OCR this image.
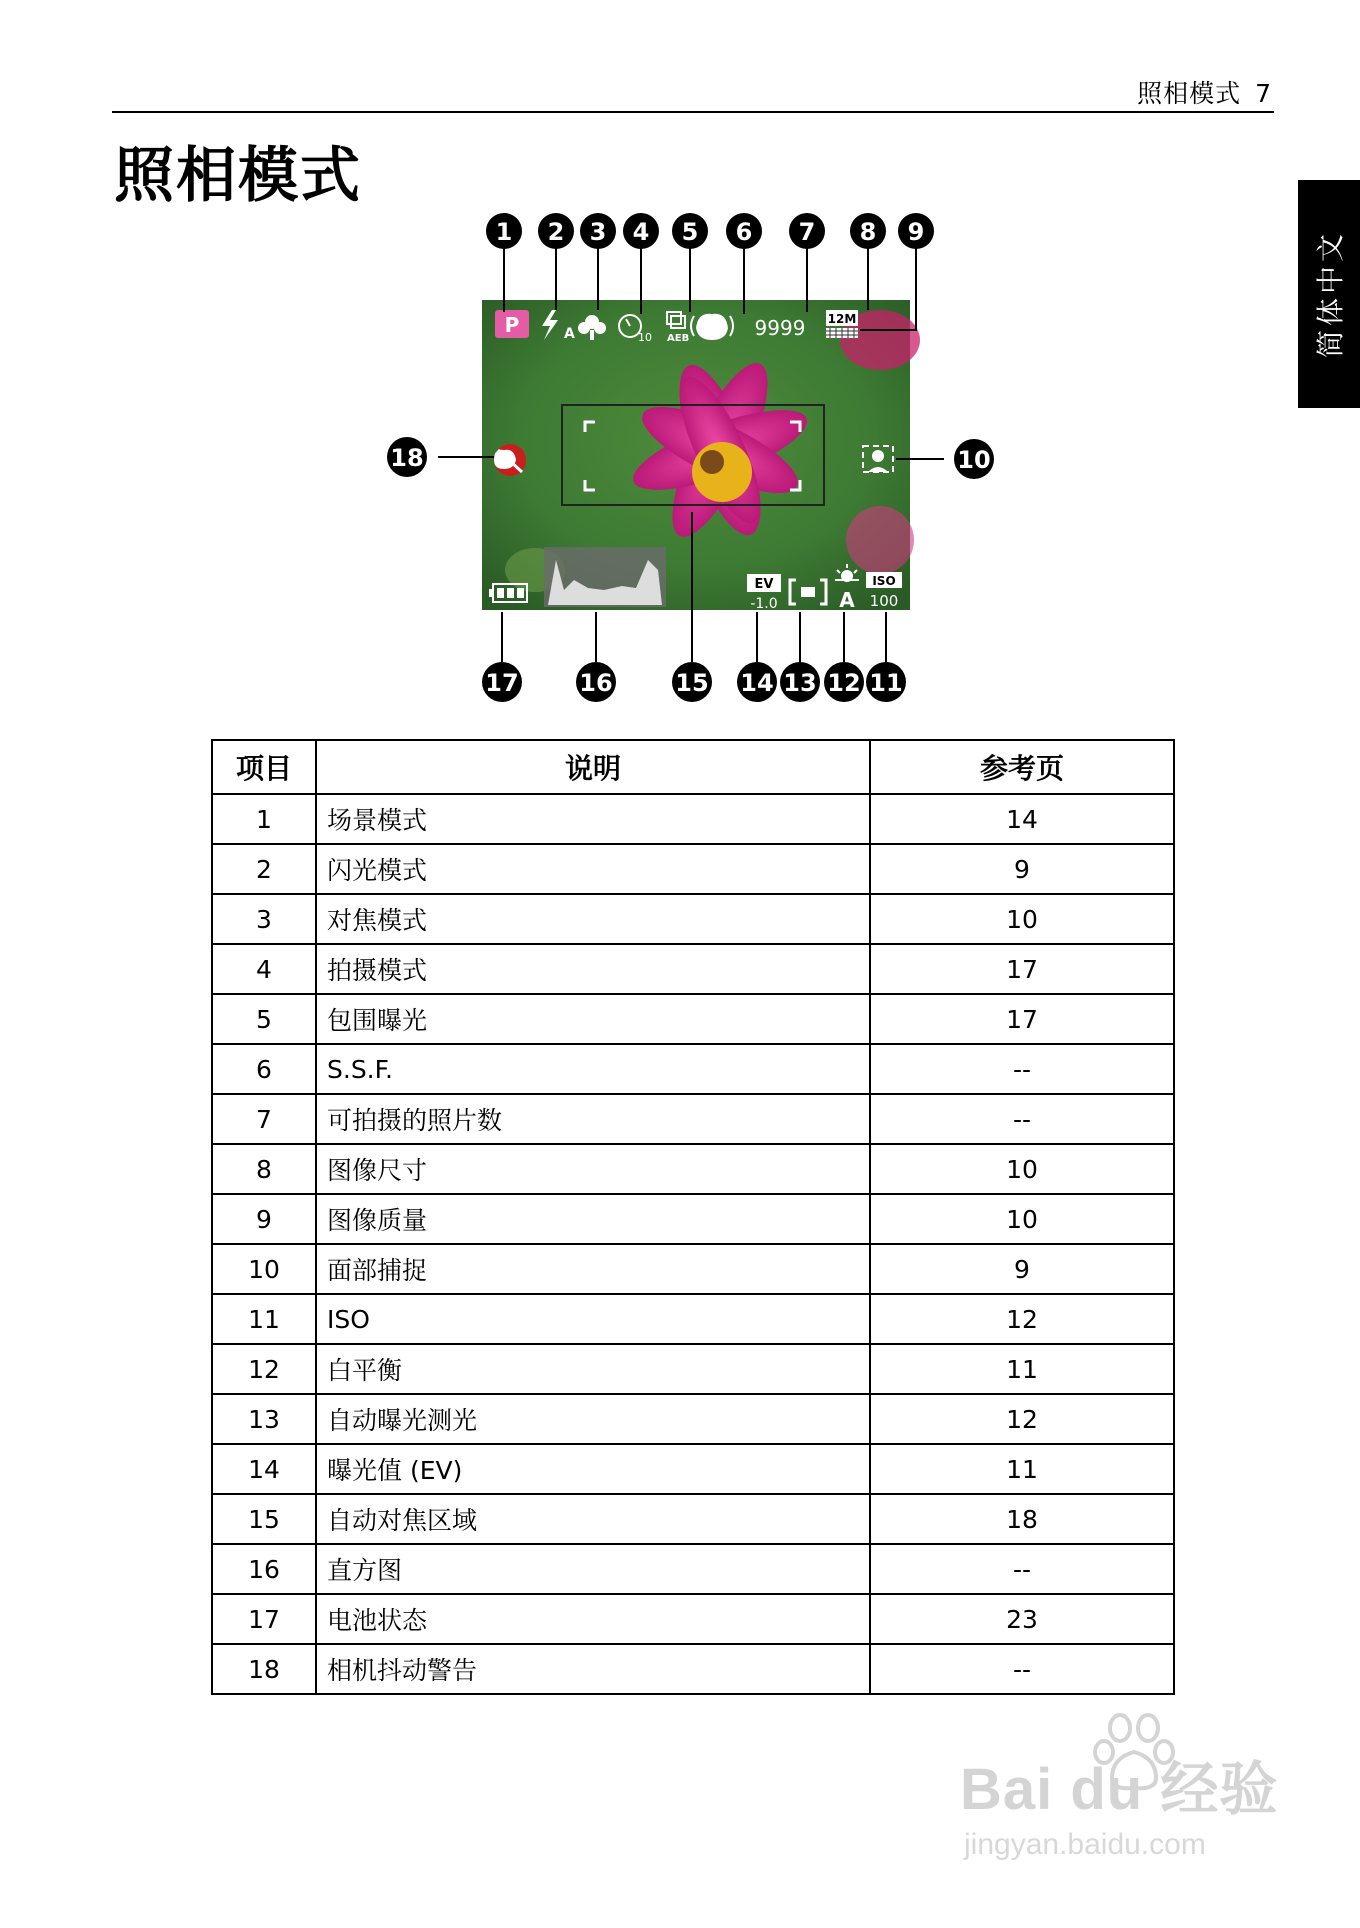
照相模式 7
照相模式
简体中文
P	A	10 AEB	9999 12M
EV
-1.0	A
ISO
100
1 2 3 4 5 6 7 8 9
18	10
17	16	15 14 13 12 11
项目	说明	参考页
1	场景模式	14
2	闪光模式	9
3	对焦模式	10
4	拍摄模式	17
5	包围曝光	17
6	S.S.F.	--
7	可拍摄的照片数	--
8	图像尺寸	10
9	图像质量	10
10	面部捕捉	9
11	ISO	12
12	白平衡	11
13	自动曝光测光	12
14	曝光值 (EV)	11
15	自动对焦区域	18
16	直方图	--
17	电池状态	23
18	相机抖动警告	--
Bai du 经验
jingyan.baidu.com
